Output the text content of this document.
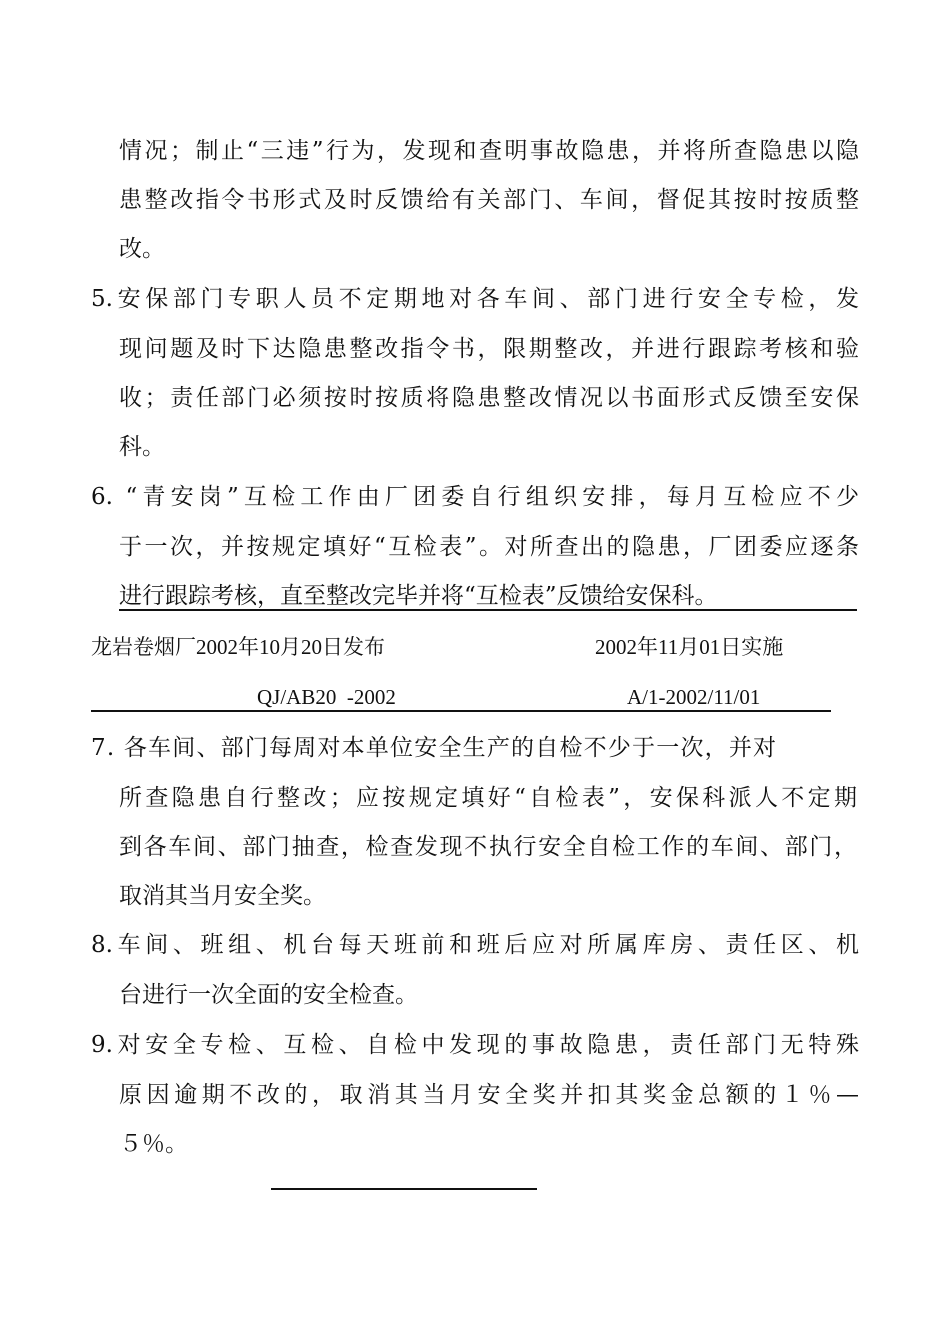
情况；制止“三违”行为，发现和查明事故隐患，并将所查隐患以隐
患整改指令书形式及时反馈给有关部门、车间，督促其按时按质整
改。
5.安保部门专职人员不定期地对各车间、部门进行安全专检，发
现问题及时下达隐患整改指令书，限期整改，并进行跟踪考核和验
收；责任部门必须按时按质将隐患整改情况以书面形式反馈至安保
科。
6. “青安岗”互检工作由厂团委自行组织安排，每月互检应不少
于一次，并按规定填好“互检表”。对所查出的隐患，厂团委应逐条
进行跟踪考核，直至整改完毕并将“互检表”反馈给安保科。
龙岩卷烟厂2002年10月20日发布	2002年11月01日实施
QJ/AB20  -2002	A/1-2002/11/01
7. 各车间、部门每周对本单位安全生产的自检不少于一次，并对
所查隐患自行整改；应按规定填好“自检表”，安保科派人不定期
到各车间、部门抽查，检查发现不执行安全自检工作的车间、部门，
取消其当月安全奖。
8.车间、班组、机台每天班前和班后应对所属库房、责任区、机
台进行一次全面的安全检查。
9.对安全专检、互检、自检中发现的事故隐患，责任部门无特殊
原因逾期不改的，取消其当月安全奖并扣其奖金总额的１％—
５％。
